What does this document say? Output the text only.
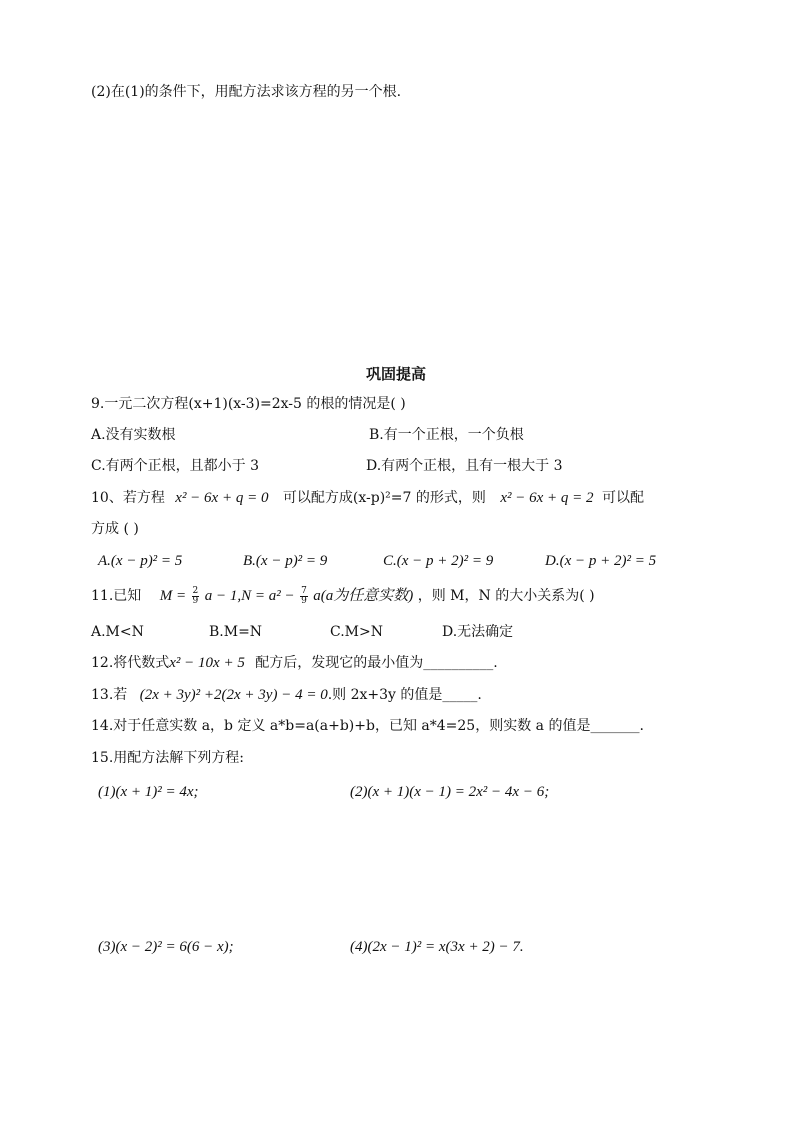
(2)在(1)的条件下，用配方法求该方程的另一个根.
巩固提高
9.一元二次方程(x+1)(x-3)=2x-5 的根的情况是( )
A.没有实数根	B.有一个正根，一个负根
C.有两个正根，且都小于 3	D.有两个正根，且有一根大于 3
10、若方程 x² − 6x + q = 0 可以配方成(x-p)²=7 的形式，则 x² − 6x + q = 2 可以配
方成 ( )
A.(x − p)² = 5	B.(x − p)² = 9	C.(x − p + 2)² = 9	D.(x − p + 2)² = 5
11.已知 $M = \frac{2}{9}$ $a - 1,N = a^2 - \frac{7}{9} a(a$为任意实数) ，则 M，N 的大小关系为( )
A.M<N	B.M=N	C.M>N	D.无法确定
12.将代数式x² − 10x + 5 配方后，发现它的最小值为__________.
13.若 (2x + 3y)² +2(2x + 3y) − 4 = 0.则 2x+3y 的值是_____.
14.对于任意实数 a，b 定义 a*b=a(a+b)+b，已知 a*4=25，则实数 a 的值是_______.
15.用配方法解下列方程:
(1)(x + 1)² = 4x;	(2)(x + 1)(x − 1) = 2x² − 4x − 6;
(3)(x − 2)² = 6(6 − x);	(4)(2x − 1)² = x(3x + 2) − 7.
